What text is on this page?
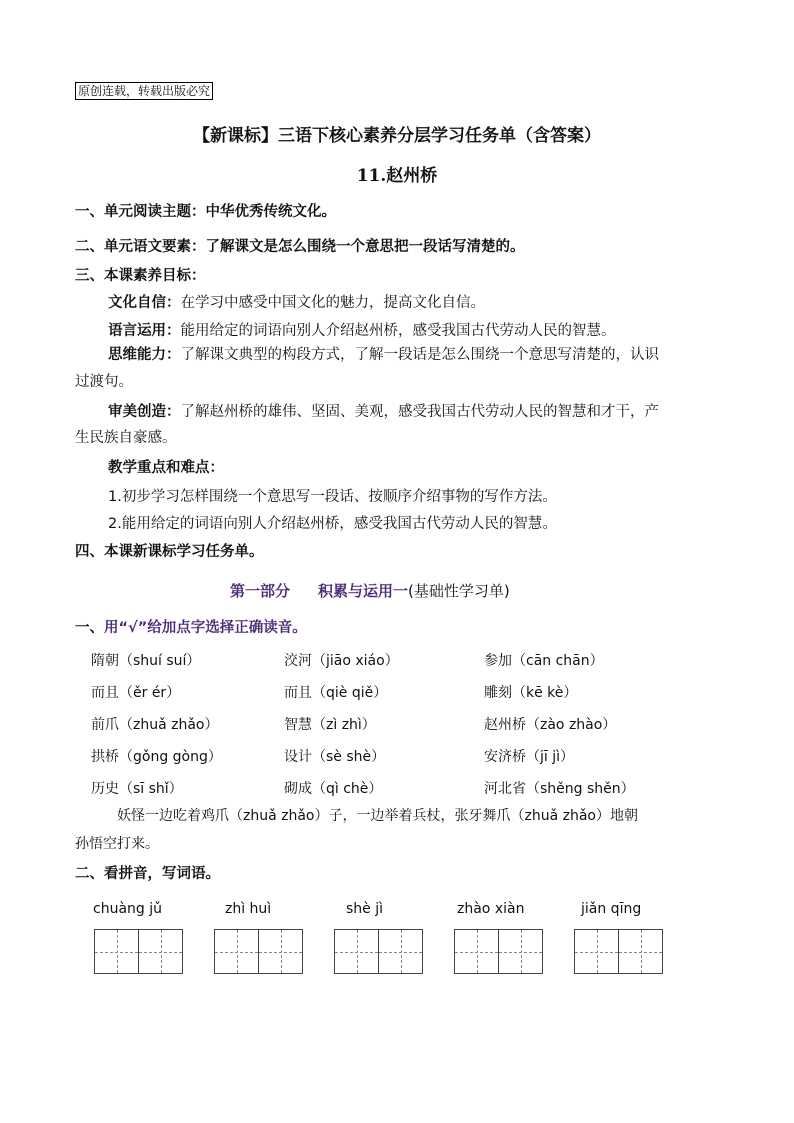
原创连载，转载出版必究
【新课标】三语下核心素养分层学习任务单（含答案）
11.赵州桥
一、单元阅读主题：中华优秀传统文化。
二、单元语文要素：了解课文是怎么围绕一个意思把一段话写清楚的。
三、本课素养目标：
文化自信：在学习中感受中国文化的魅力，提高文化自信。
语言运用：能用给定的词语向别人介绍赵州桥，感受我国古代劳动人民的智慧。
思维能力：了解课文典型的构段方式，了解一段话是怎么围绕一个意思写清楚的，认识
过渡句。
审美创造：了解赵州桥的雄伟、坚固、美观，感受我国古代劳动人民的智慧和才干，产
生民族自豪感。
教学重点和难点：
1.初步学习怎样围绕一个意思写一段话、按顺序介绍事物的写作方法。
2.能用给定的词语向别人介绍赵州桥，感受我国古代劳动人民的智慧。
四、本课新课标学习任务单。
第一部分 积累与运用一(基础性学习单)
一、用“√”给加点字选择正确读音。
隋朝（shuí suí）	洨河（jiāo xiáo）	参加（cān chān）
而且（ěr ér）	而且（qiè qiě）	雕刻（kē kè）
前爪（zhuǎ zhǎo）	智慧（zì zhì）	赵州桥（zào zhào）
拱桥（gǒng gòng）	设计（sè shè）	安济桥（jī jì）
历史（sī shǐ）	砌成（qì chè）	河北省（shěng shěn）
妖怪一边吃着鸡爪（zhuǎ zhǎo）子，一边举着兵杖，张牙舞爪（zhuǎ zhǎo）地朝
孙悟空打来。
二、看拼音，写词语。
chuàng jǔ	zhì huì	shè jì	zhào xiàn	jiǎn qīng
